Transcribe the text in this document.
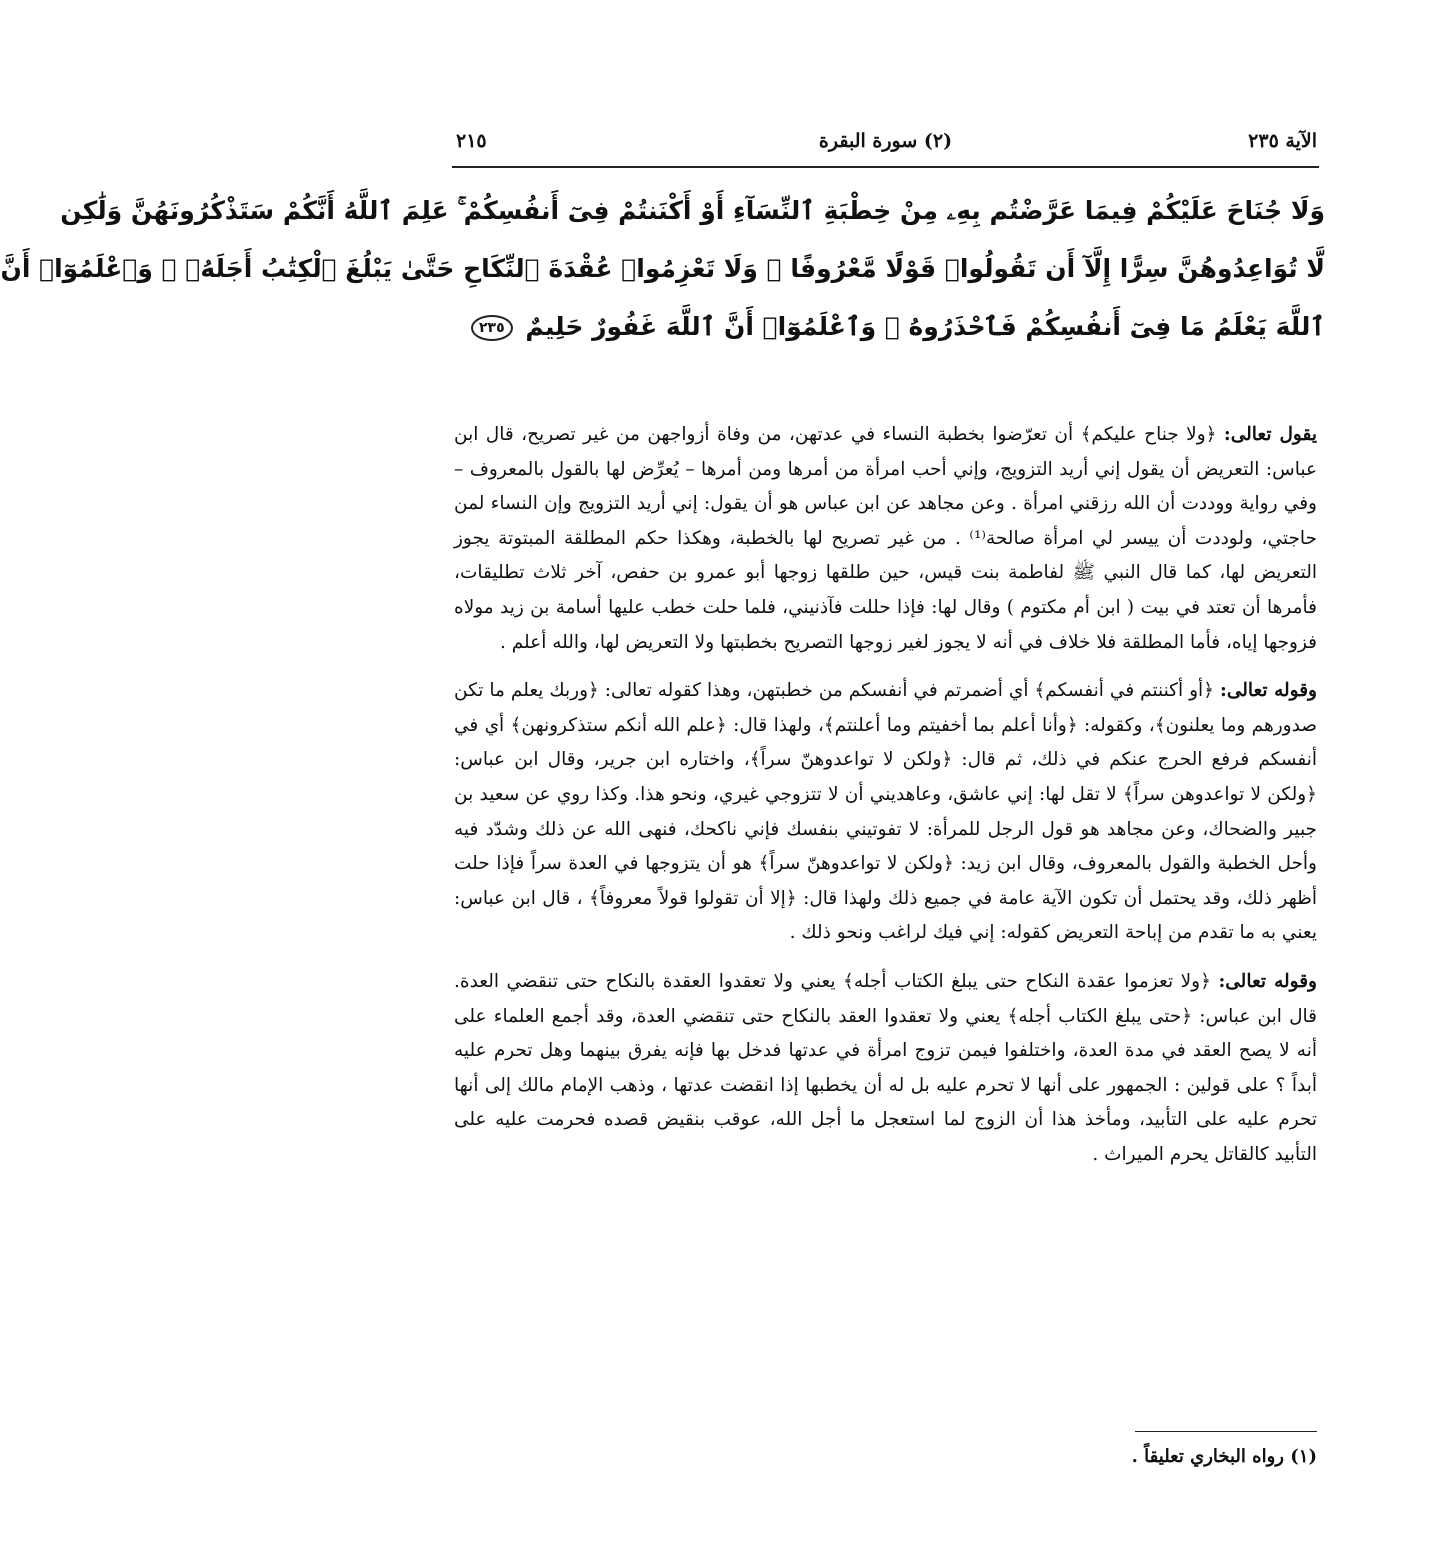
الآية ٢٣٥
(٢) سورة البقرة
٢١٥
وَلَا جُنَاحَ عَلَيْكُمْ فِيمَا عَرَّضْتُم بِهِۦ مِنْ خِطْبَةِ ٱلنِّسَآءِ أَوْ أَكْنَنتُمْ فِىٓ أَنفُسِكُمْ ۚ عَلِمَ ٱللَّهُ أَنَّكُمْ سَتَذْكُرُونَهُنَّ وَلَٰكِن
لَّا تُوَاعِدُوهُنَّ سِرًّا إِلَّآ أَن تَقُولُوا۟ قَوْلًا مَّعْرُوفًا ۚ وَلَا تَعْزِمُوا۟ عُقْدَةَ ٱلنِّكَاحِ حَتَّىٰ يَبْلُغَ ٱلْكِتَٰبُ أَجَلَهُۥ ۚ وَٱعْلَمُوٓا۟ أَنَّ
ٱللَّهَ يَعْلَمُ مَا فِىٓ أَنفُسِكُمْ فَٱحْذَرُوهُ ۚ وَٱعْلَمُوٓا۟ أَنَّ ٱللَّهَ غَفُورٌ حَلِيمٌ ٢٣٥

يقول تعالى: ﴿ولا جناح عليكم﴾ أن تعرّضوا بخطبة النساء في عدتهن، من وفاة أزواجهن من غير تصريح، قال ابن عباس: التعريض أن يقول إني أريد التزويج، وإني أحب امرأة من أمرها ومن أمرها – يُعرِّض لها بالقول بالمعروف – وفي رواية ووددت أن الله رزقني امرأة . وعن مجاهد عن ابن عباس هو أن يقول: إني أريد التزويج وإن النساء لمن حاجتي، ولوددت أن ييسر لي امرأة صالحة⁽¹⁾ . من غير تصريح لها بالخطبة، وهكذا حكم المطلقة المبتوتة يجوز التعريض لها، كما قال النبي ﷺ لفاطمة بنت قيس، حين طلقها زوجها أبو عمرو بن حفص، آخر ثلاث تطليقات، فأمرها أن تعتد في بيت ( ابن أم مكتوم ) وقال لها: فإذا حللت فآذنيني، فلما حلت خطب عليها أسامة بن زيد مولاه فزوجها إياه، فأما المطلقة فلا خلاف في أنه لا يجوز لغير زوجها التصريح بخطبتها ولا التعريض لها، والله أعلم .

وقوله تعالى: ﴿أو أكننتم في أنفسكم﴾ أي أضمرتم في أنفسكم من خطبتهن، وهذا كقوله تعالى: ﴿وربك يعلم ما تكن صدورهم وما يعلنون﴾، وكقوله: ﴿وأنا أعلم بما أخفيتم وما أعلنتم﴾، ولهذا قال: ﴿علم الله أنكم ستذكرونهن﴾ أي في أنفسكم فرفع الحرج عنكم في ذلك، ثم قال: ﴿ولكن لا تواعدوهنّ سراً﴾، واختاره ابن جرير، وقال ابن عباس: ﴿ولكن لا تواعدوهن سراً﴾ لا تقل لها: إني عاشق، وعاهديني أن لا تتزوجي غيري، ونحو هذا. وكذا روي عن سعيد بن جبير والضحاك، وعن مجاهد هو قول الرجل للمرأة: لا تفوتيني بنفسك فإني ناكحك، فنهى الله عن ذلك وشدّد فيه وأحل الخطبة والقول بالمعروف، وقال ابن زيد: ﴿ولكن لا تواعدوهنّ سراً﴾ هو أن يتزوجها في العدة سراً فإذا حلت أظهر ذلك، وقد يحتمل أن تكون الآية عامة في جميع ذلك ولهذا قال: ﴿إلا أن تقولوا قولاً معروفاً﴾ ، قال ابن عباس: يعني به ما تقدم من إباحة التعريض كقوله: إني فيك لراغب ونحو ذلك .

وقوله تعالى: ﴿ولا تعزموا عقدة النكاح حتى يبلغ الكتاب أجله﴾ يعني ولا تعقدوا العقدة بالنكاح حتى تنقضي العدة. قال ابن عباس: ﴿حتى يبلغ الكتاب أجله﴾ يعني ولا تعقدوا العقد بالنكاح حتى تنقضي العدة، وقد أجمع العلماء على أنه لا يصح العقد في مدة العدة، واختلفوا فيمن تزوج امرأة في عدتها فدخل بها فإنه يفرق بينهما وهل تحرم عليه أبداً ؟ على قولين : الجمهور على أنها لا تحرم عليه بل له أن يخطبها إذا انقضت عدتها ، وذهب الإمام مالك إلى أنها تحرم عليه على التأبيد، ومأخذ هذا أن الزوج لما استعجل ما أجل الله، عوقب بنقيض قصده فحرمت عليه على التأبيد كالقاتل يحرم الميراث .

(١) رواه البخاري تعليقاً .
